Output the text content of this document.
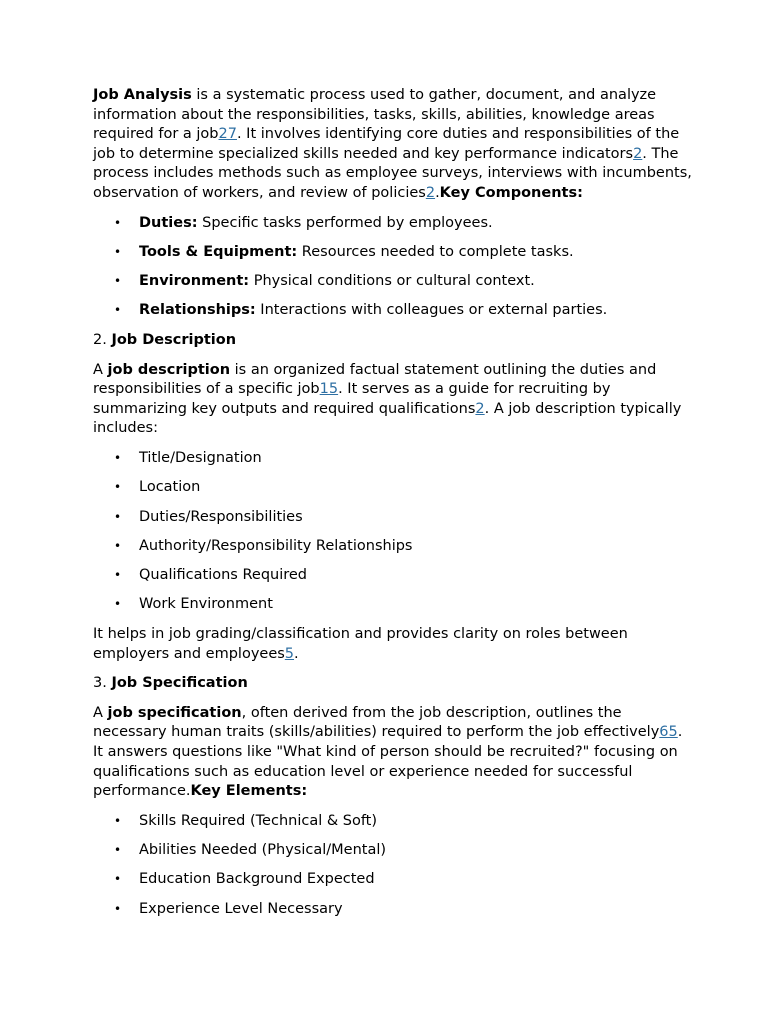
Job Analysis is a systematic process used to gather, document, and analyze information about the responsibilities, tasks, skills, abilities, knowledge areas required for a job27. It involves identifying core duties and responsibilities of the job to determine specialized skills needed and key performance indicators2. The process includes methods such as employee surveys, interviews with incumbents, observation of workers, and review of policies2.Key Components:

• Duties: Specific tasks performed by employees.
• Tools & Equipment: Resources needed to complete tasks.
• Environment: Physical conditions or cultural context.
• Relationships: Interactions with colleagues or external parties.

2. Job Description

A job description is an organized factual statement outlining the duties and responsibilities of a specific job15. It serves as a guide for recruiting by summarizing key outputs and required qualifications2. A job description typically includes:

• Title/Designation
• Location
• Duties/Responsibilities
• Authority/Responsibility Relationships
• Qualifications Required
• Work Environment

It helps in job grading/classification and provides clarity on roles between employers and employees5.

3. Job Specification

A job specification, often derived from the job description, outlines the necessary human traits (skills/abilities) required to perform the job effectively65. It answers questions like "What kind of person should be recruited?" focusing on qualifications such as education level or experience needed for successful performance.Key Elements:

• Skills Required (Technical & Soft)
• Abilities Needed (Physical/Mental)
• Education Background Expected
• Experience Level Necessary
